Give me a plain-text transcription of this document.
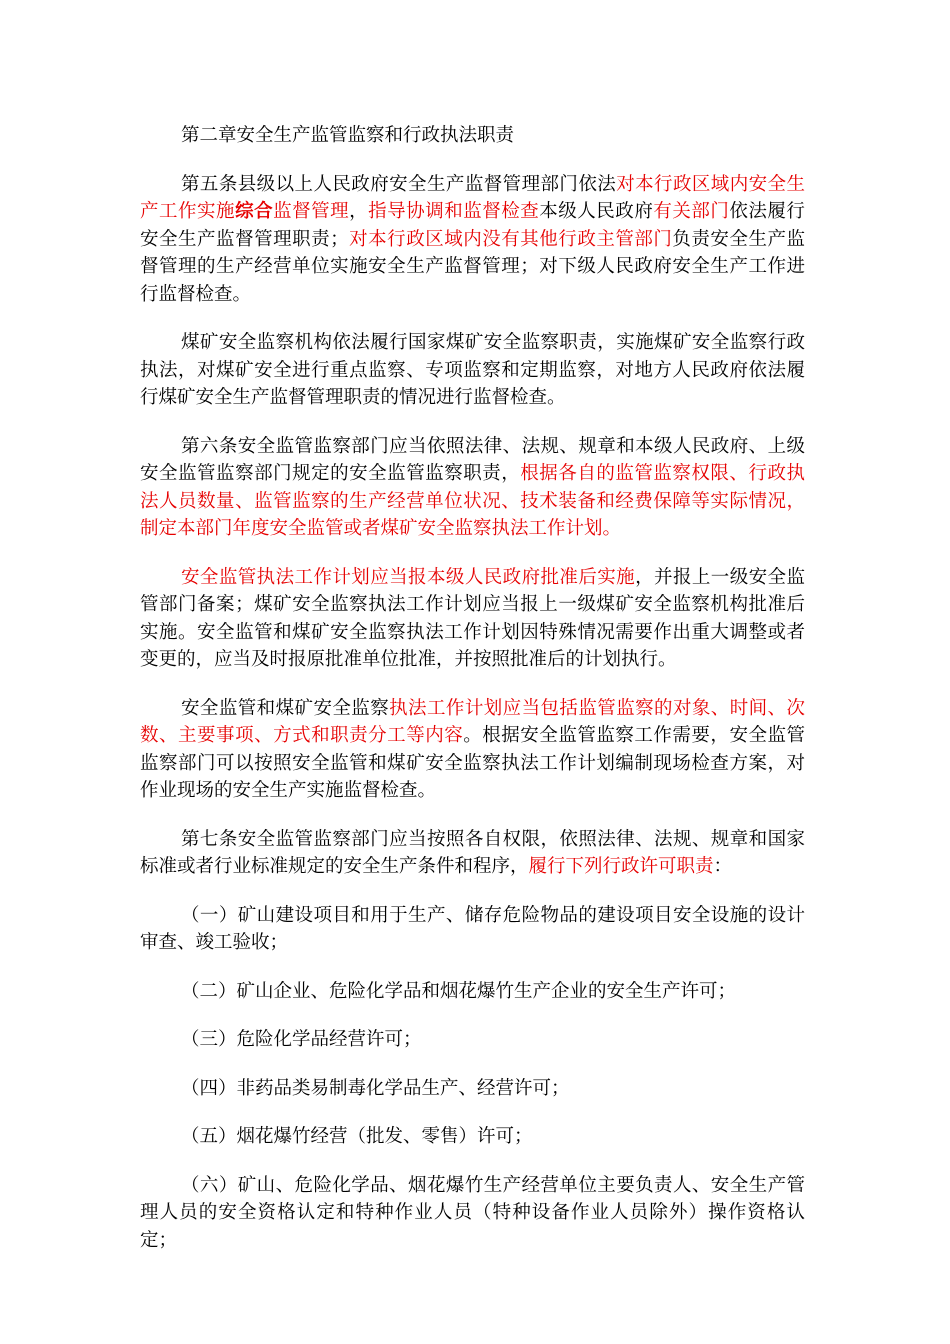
第二章安全生产监管监察和行政执法职责

第五条县级以上人民政府安全生产监督管理部门依法对本行政区域内安全生产工作实施综合监督管理，指导协调和监督检查本级人民政府有关部门依法履行安全生产监督管理职责；对本行政区域内没有其他行政主管部门负责安全生产监督管理的生产经营单位实施安全生产监督管理；对下级人民政府安全生产工作进行监督检查。

煤矿安全监察机构依法履行国家煤矿安全监察职责，实施煤矿安全监察行政执法，对煤矿安全进行重点监察、专项监察和定期监察，对地方人民政府依法履行煤矿安全生产监督管理职责的情况进行监督检查。

第六条安全监管监察部门应当依照法律、法规、规章和本级人民政府、上级安全监管监察部门规定的安全监管监察职责，根据各自的监管监察权限、行政执法人员数量、监管监察的生产经营单位状况、技术装备和经费保障等实际情况，制定本部门年度安全监管或者煤矿安全监察执法工作计划。

安全监管执法工作计划应当报本级人民政府批准后实施，并报上一级安全监管部门备案；煤矿安全监察执法工作计划应当报上一级煤矿安全监察机构批准后实施。安全监管和煤矿安全监察执法工作计划因特殊情况需要作出重大调整或者变更的，应当及时报原批准单位批准，并按照批准后的计划执行。

安全监管和煤矿安全监察执法工作计划应当包括监管监察的对象、时间、次数、主要事项、方式和职责分工等内容。根据安全监管监察工作需要，安全监管监察部门可以按照安全监管和煤矿安全监察执法工作计划编制现场检查方案，对作业现场的安全生产实施监督检查。

第七条安全监管监察部门应当按照各自权限，依照法律、法规、规章和国家标准或者行业标准规定的安全生产条件和程序，履行下列行政许可职责：

（一）矿山建设项目和用于生产、储存危险物品的建设项目安全设施的设计审查、竣工验收；

（二）矿山企业、危险化学品和烟花爆竹生产企业的安全生产许可；

（三）危险化学品经营许可；

（四）非药品类易制毒化学品生产、经营许可；

（五）烟花爆竹经营（批发、零售）许可；

（六）矿山、危险化学品、烟花爆竹生产经营单位主要负责人、安全生产管理人员的安全资格认定和特种作业人员（特种设备作业人员除外）操作资格认定；
